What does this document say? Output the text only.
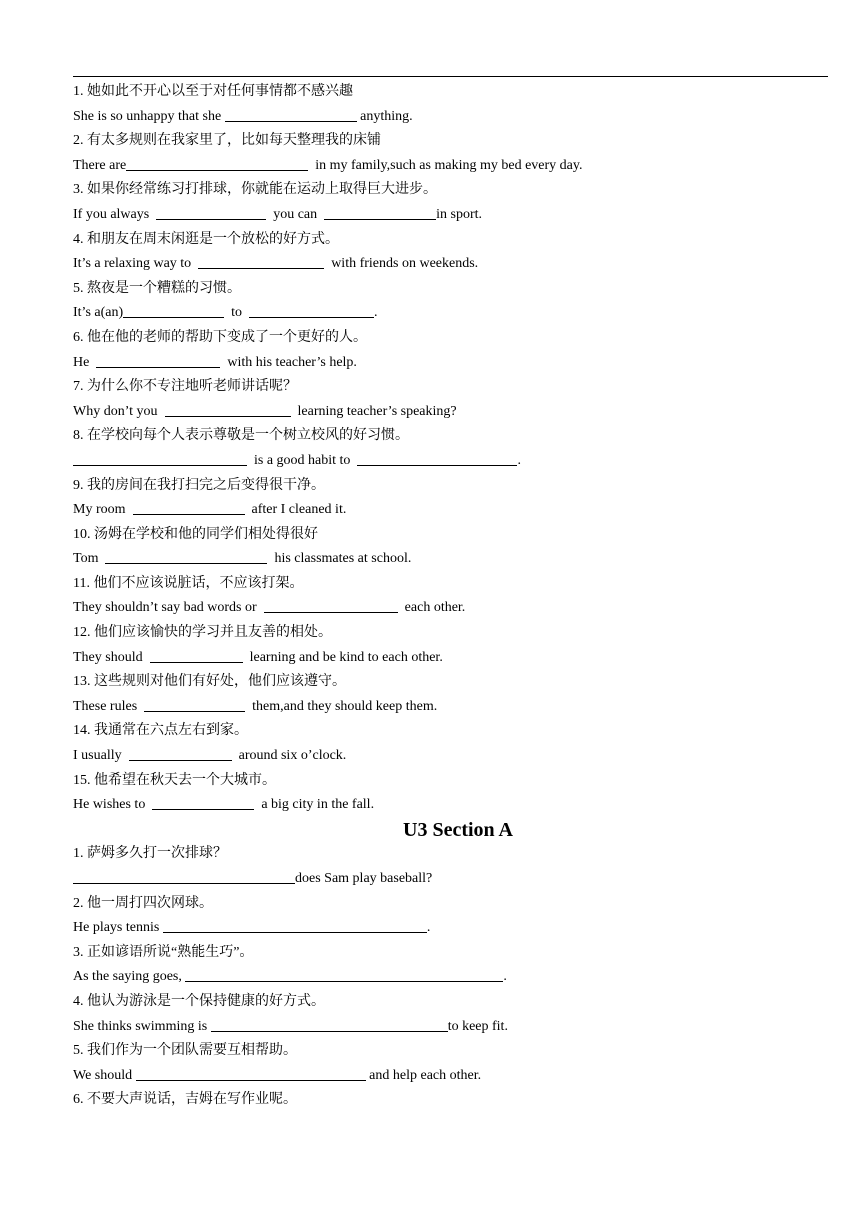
1. 她如此不开心以至于对任何事情都不感兴趣
She is so unhappy that she	anything.
2. 有太多规则在我家里了，比如每天整理我的床铺
There are	in my family,such as making my bed every day.
3. 如果你经常练习打排球，你就能在运动上取得巨大进步。
If you always	you can	in sport.
4. 和朋友在周末闲逛是一个放松的好方式。
It’s a relaxing way to	with friends on weekends.
5. 熬夜是一个糟糕的习惯。
It’s a(an)	to	.
6. 他在他的老师的帮助下变成了一个更好的人。
He	with his teacher’s help.
7. 为什么你不专注地听老师讲话呢？
Why don’t you	learning teacher’s speaking?
8. 在学校向每个人表示尊敬是一个树立校风的好习惯。
is a good habit to	.
9. 我的房间在我打扫完之后变得很干净。
My room	after I cleaned it.
10. 汤姆在学校和他的同学们相处得很好
Tom	his classmates at school.
11. 他们不应该说脏话，不应该打架。
They shouldn’t say bad words or	each other.
12. 他们应该愉快的学习并且友善的相处。
They should	learning and be kind to each other.
13. 这些规则对他们有好处，他们应该遵守。
These rules	them,and they should keep them.
14. 我通常在六点左右到家。
I usually	around six o’clock.
15. 他希望在秋天去一个大城市。
He wishes to	a big city in the fall.
U3 Section A
1. 萨姆多久打一次排球？
does Sam play baseball?
2. 他一周打四次网球。
He plays tennis	.
3. 正如谚语所说“熟能生巧”。
As the saying goes,	.
4. 他认为游泳是一个保持健康的好方式。
She thinks swimming is	to keep fit.
5. 我们作为一个团队需要互相帮助。
We should	and help each other.
6. 不要大声说话，吉姆在写作业呢。
